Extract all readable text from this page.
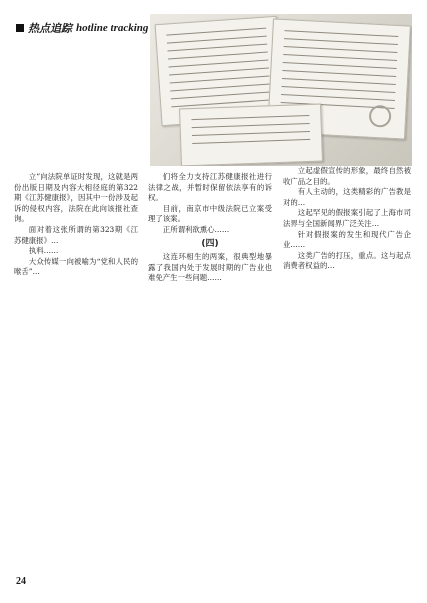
热点追踪 hotline tracking

立”向法院单证时发现，这就是两份出版日期及内容大相径庭的第322期《江苏健康报》，因其中一份涉及起诉的侵权内容，法院在此向该报社查询。

面对着这张所谓的第323期《江苏健康报》…

执料……

大众传媒一向被喻为“党和人民的喉舌”…

们将全力支持江苏健康报社进行法律之战，并暂时保留依法享有的诉权。

目前，南京市中级法院已立案受理了该案。

正所谓利欲熏心……

(四)

这连环相生的两案，很典型地暴露了我国内处于发展时期的广告业也难免产生一些问题……

立起虚假宣传的形象，最终自然被收广品之目的。

有人主动的，这类精彩的广告教是对的…

这起罕见的假报案引起了上海市司法界与全国新闻界广泛关注…

针对假报案的发生和现代广告企业……

这类广告的打压，重点。这与起点消费者权益的…

24
